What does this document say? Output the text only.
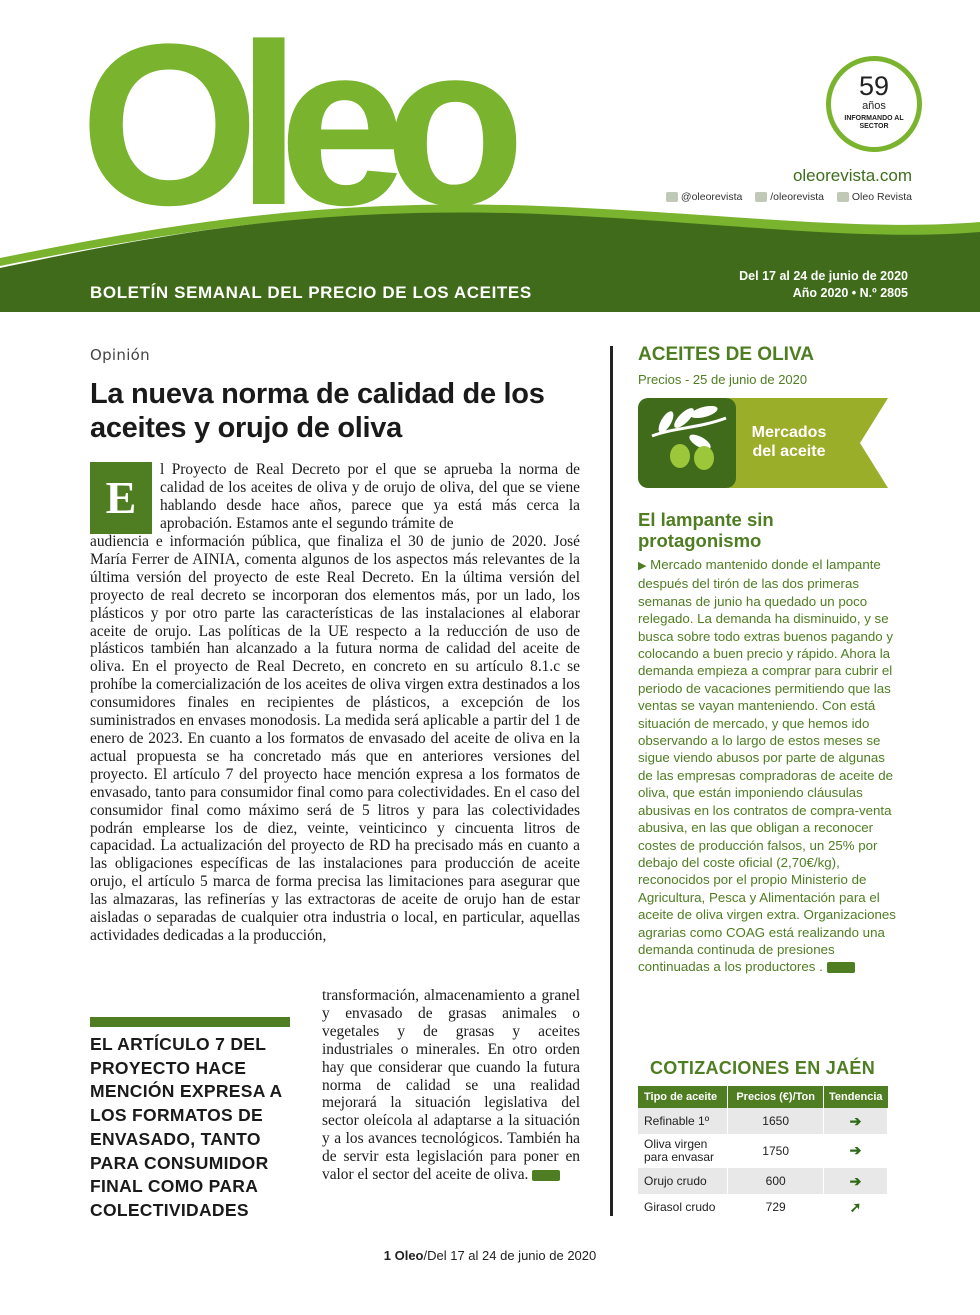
Oleo	59
años
INFORMANDO AL SECTOR
oleorevista.com
@oleorevista	/oleorevista	Oleo Revista
BOLETÍN SEMANAL DEL PRECIO DE LOS ACEITES
Del 17 al 24 de junio de 2020
Año 2020 • N.º 2805
Opinión
La nueva norma de calidad de los aceites y orujo de oliva
E
l Proyecto de Real Decreto por el que se aprueba la norma de calidad de los aceites de oliva y de orujo de oliva, del que se viene hablando desde hace años, parece que ya está más cerca la aprobación. Estamos ante el segundo trámite de
audiencia e información pública, que finaliza el 30 de junio de 2020. José María Ferrer de AINIA, comenta algunos de los aspectos más relevantes de la última versión del proyecto de este Real Decreto. En la última versión del proyecto de real decreto se incorporan dos elementos más, por un lado, los plásticos y por otro parte las características de las instalaciones al elaborar aceite de orujo. Las políticas de la UE respecto a la reducción de uso de plásticos también han alcanzado a la futura norma de calidad del aceite de oliva. En el proyecto de Real Decreto, en concreto en su artículo 8.1.c se prohíbe la comercialización de los aceites de oliva virgen extra destinados a los consumidores finales en recipientes de plásticos, a excepción de los suministrados en envases monodosis. La medida será aplicable a partir del 1 de enero de 2023. En cuanto a los formatos de envasado del aceite de oliva en la actual propuesta se ha concretado más que en anteriores versiones del proyecto. El artículo 7 del proyecto hace mención expresa a los formatos de envasado, tanto para consumidor final como para colectividades. En el caso del consumidor final como máximo será de 5 litros y para las colectividades podrán emplearse los de diez, veinte, veinticinco y cincuenta litros de capacidad. La actualización del proyecto de RD ha precisado más en cuanto a las obligaciones específicas de las instalaciones para producción de aceite orujo, el artículo 5 marca de forma precisa las limitaciones para asegurar que las almazaras, las refinerías y las extractoras de aceite de orujo han de estar aisladas o separadas de cualquier otra industria o local, en particular, aquellas actividades dedicadas a la producción,
transformación, almacenamiento a granel y envasado de grasas animales o vegetales y de grasas y aceites industriales o minerales. En otro orden hay que considerar que cuando la futura norma de calidad se una realidad mejorará la situación legislativa del sector oleícola al adaptarse a la situación y a los avances tecnológicos. También ha de servir esta legislación para poner en valor el sector del aceite de oliva.
EL ARTÍCULO 7 DEL PROYECTO HACE MENCIÓN EXPRESA A LOS FORMATOS DE ENVASADO, TANTO PARA CONSUMIDOR FINAL COMO PARA COLECTIVIDADES
ACEITES DE OLIVA
Precios - 25 de junio de 2020
Mercados del aceite
El lampante sin protagonismo
▶ Mercado mantenido donde el lampante después del tirón de las dos primeras semanas de junio ha quedado un poco relegado. La demanda ha disminuido, y se busca sobre todo extras buenos pagando y colocando a buen precio y rápido. Ahora la demanda empieza a comprar para cubrir el periodo de vacaciones permitiendo que las ventas se vayan manteniendo. Con está situación de mercado, y que hemos ido observando a lo largo de estos meses se sigue viendo abusos por parte de algunas de las empresas compradoras de aceite de oliva, que están imponiendo cláusulas abusivas en los contratos de compra-venta abusiva, en las que obligan a reconocer costes de producción falsos, un 25% por debajo del coste oficial (2,70€/kg), reconocidos por el propio Ministerio de Agricultura, Pesca y Alimentación para el aceite de oliva virgen extra. Organizaciones agrarias como COAG está realizando una demanda continuda de presiones continuadas a los productores .
COTIZACIONES EN JAÉN
Tipo de aceite	Precios (€)/Ton	Tendencia
Refinable 1º	1650	➔
Oliva virgen para envasar	1750	➔
Orujo crudo	600	➔
Girasol crudo	729	➚
1 Oleo/Del 17 al 24 de junio de 2020
